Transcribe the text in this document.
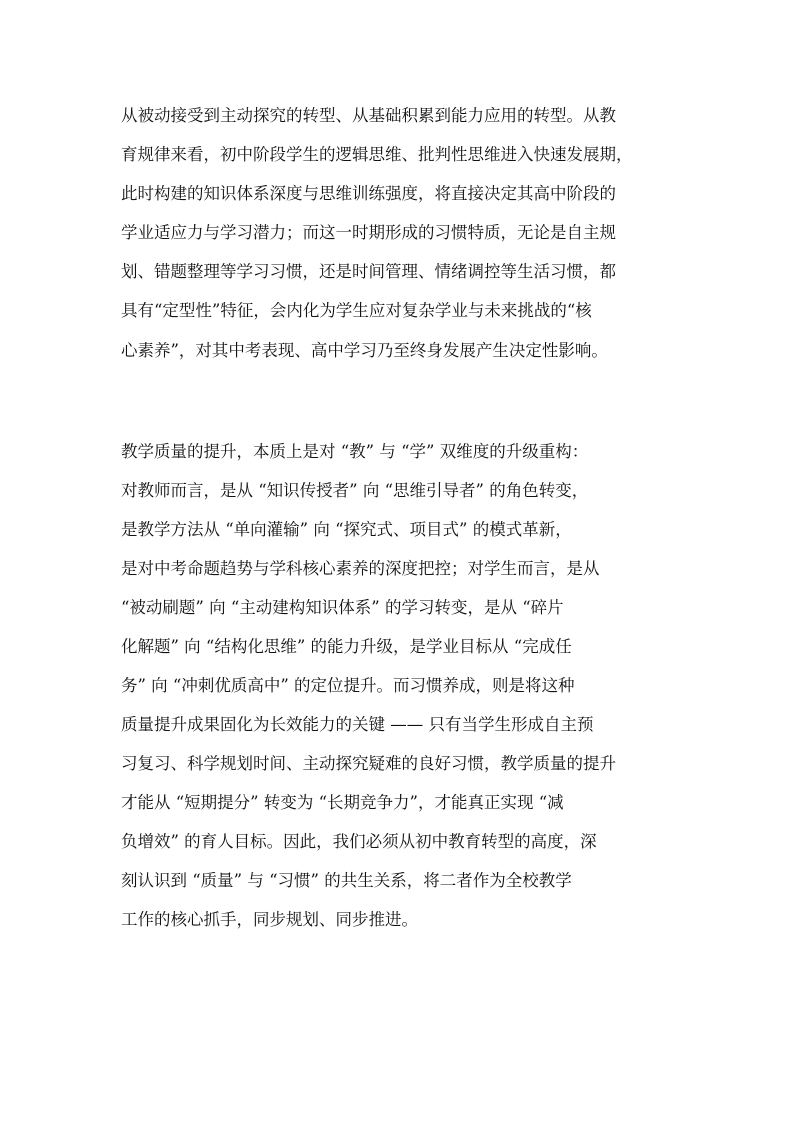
从被动接受到主动探究的转型、从基础积累到能力应用的转型。从教
育规律来看，初中阶段学生的逻辑思维、批判性思维进入快速发展期，
此时构建的知识体系深度与思维训练强度，将直接决定其高中阶段的
学业适应力与学习潜力；而这一时期形成的习惯特质，无论是自主规
划、错题整理等学习习惯，还是时间管理、情绪调控等生活习惯，都
具有“定型性”特征，会内化为学生应对复杂学业与未来挑战的“核
心素养”，对其中考表现、高中学习乃至终身发展产生决定性影响。
教学质量的提升，本质上是对 “教” 与 “学” 双维度的升级重构：
对教师而言，是从 “知识传授者” 向 “思维引导者” 的角色转变，
是教学方法从 “单向灌输” 向 “探究式、项目式” 的模式革新，
是对中考命题趋势与学科核心素养的深度把控；对学生而言，是从
“被动刷题” 向 “主动建构知识体系” 的学习转变，是从 “碎片
化解题” 向 “结构化思维” 的能力升级，是学业目标从 “完成任
务” 向 “冲刺优质高中” 的定位提升。而习惯养成，则是将这种
质量提升成果固化为长效能力的关键 —— 只有当学生形成自主预
习复习、科学规划时间、主动探究疑难的良好习惯，教学质量的提升
才能从 “短期提分” 转变为 “长期竞争力”，才能真正实现 “减
负增效” 的育人目标。因此，我们必须从初中教育转型的高度，深
刻认识到 “质量” 与 “习惯” 的共生关系，将二者作为全校教学
工作的核心抓手，同步规划、同步推进。
